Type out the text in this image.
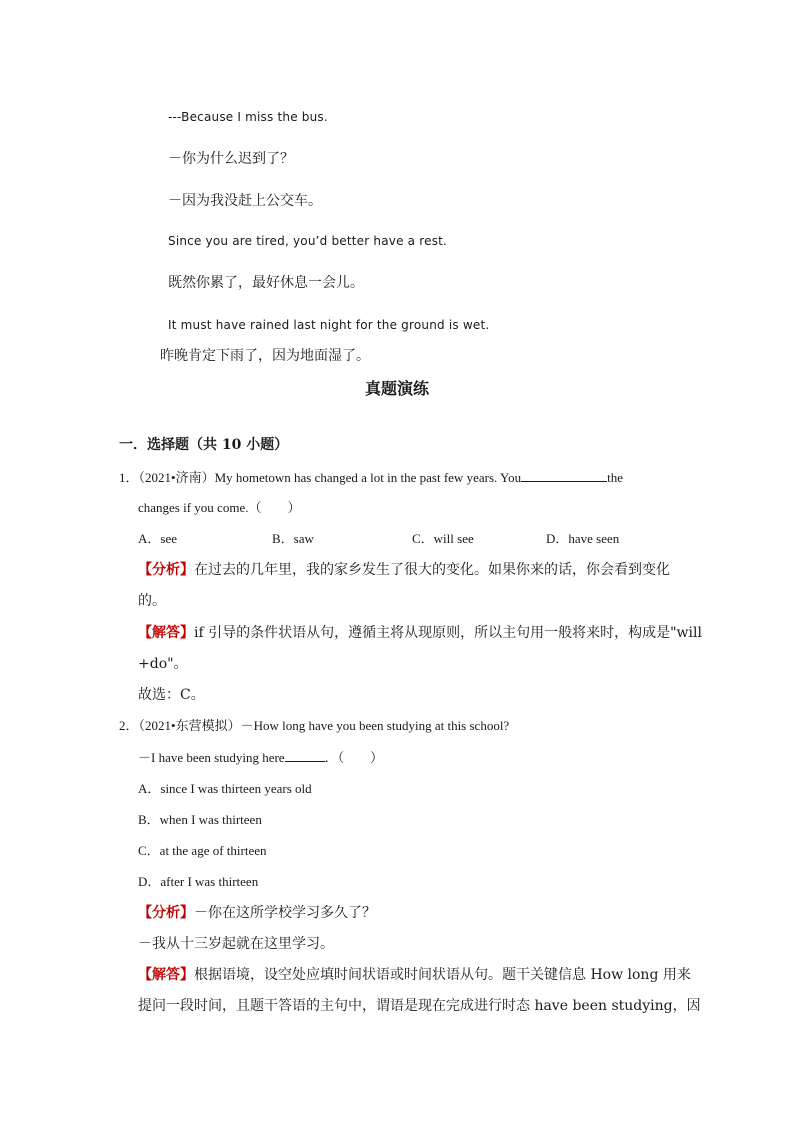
---Because I miss the bus.
－你为什么迟到了？
－因为我没赶上公交车。
Since you are tired, you’d better have a rest.
既然你累了，最好休息一会儿。
It must have rained last night for the ground is wet.
昨晚肯定下雨了，因为地面湿了。
真题演练
一．选择题（共 10 小题）
1．（2021•济南）My hometown has changed a lot in the past few years. You	the
changes if you come.（　　）
A．see	B．saw	C．will see	D．have seen
【分析】在过去的几年里，我的家乡发生了很大的变化。如果你来的话，你会看到变化
的。
【解答】if 引导的条件状语从句，遵循主将从现原则，所以主句用一般将来时，构成是"will
+do"。
故选：C。
2．（2021•东营模拟）－How long have you been studying at this school?
－I have been studying here	．（　　）
A．since I was thirteen years old
B．when I was thirteen
C．at the age of thirteen
D．after I was thirteen
【分析】－你在这所学校学习多久了？
－我从十三岁起就在这里学习。
【解答】根据语境，设空处应填时间状语或时间状语从句。题干关键信息 How long 用来
提问一段时间，且题干答语的主句中，谓语是现在完成进行时态 have been studying，因
